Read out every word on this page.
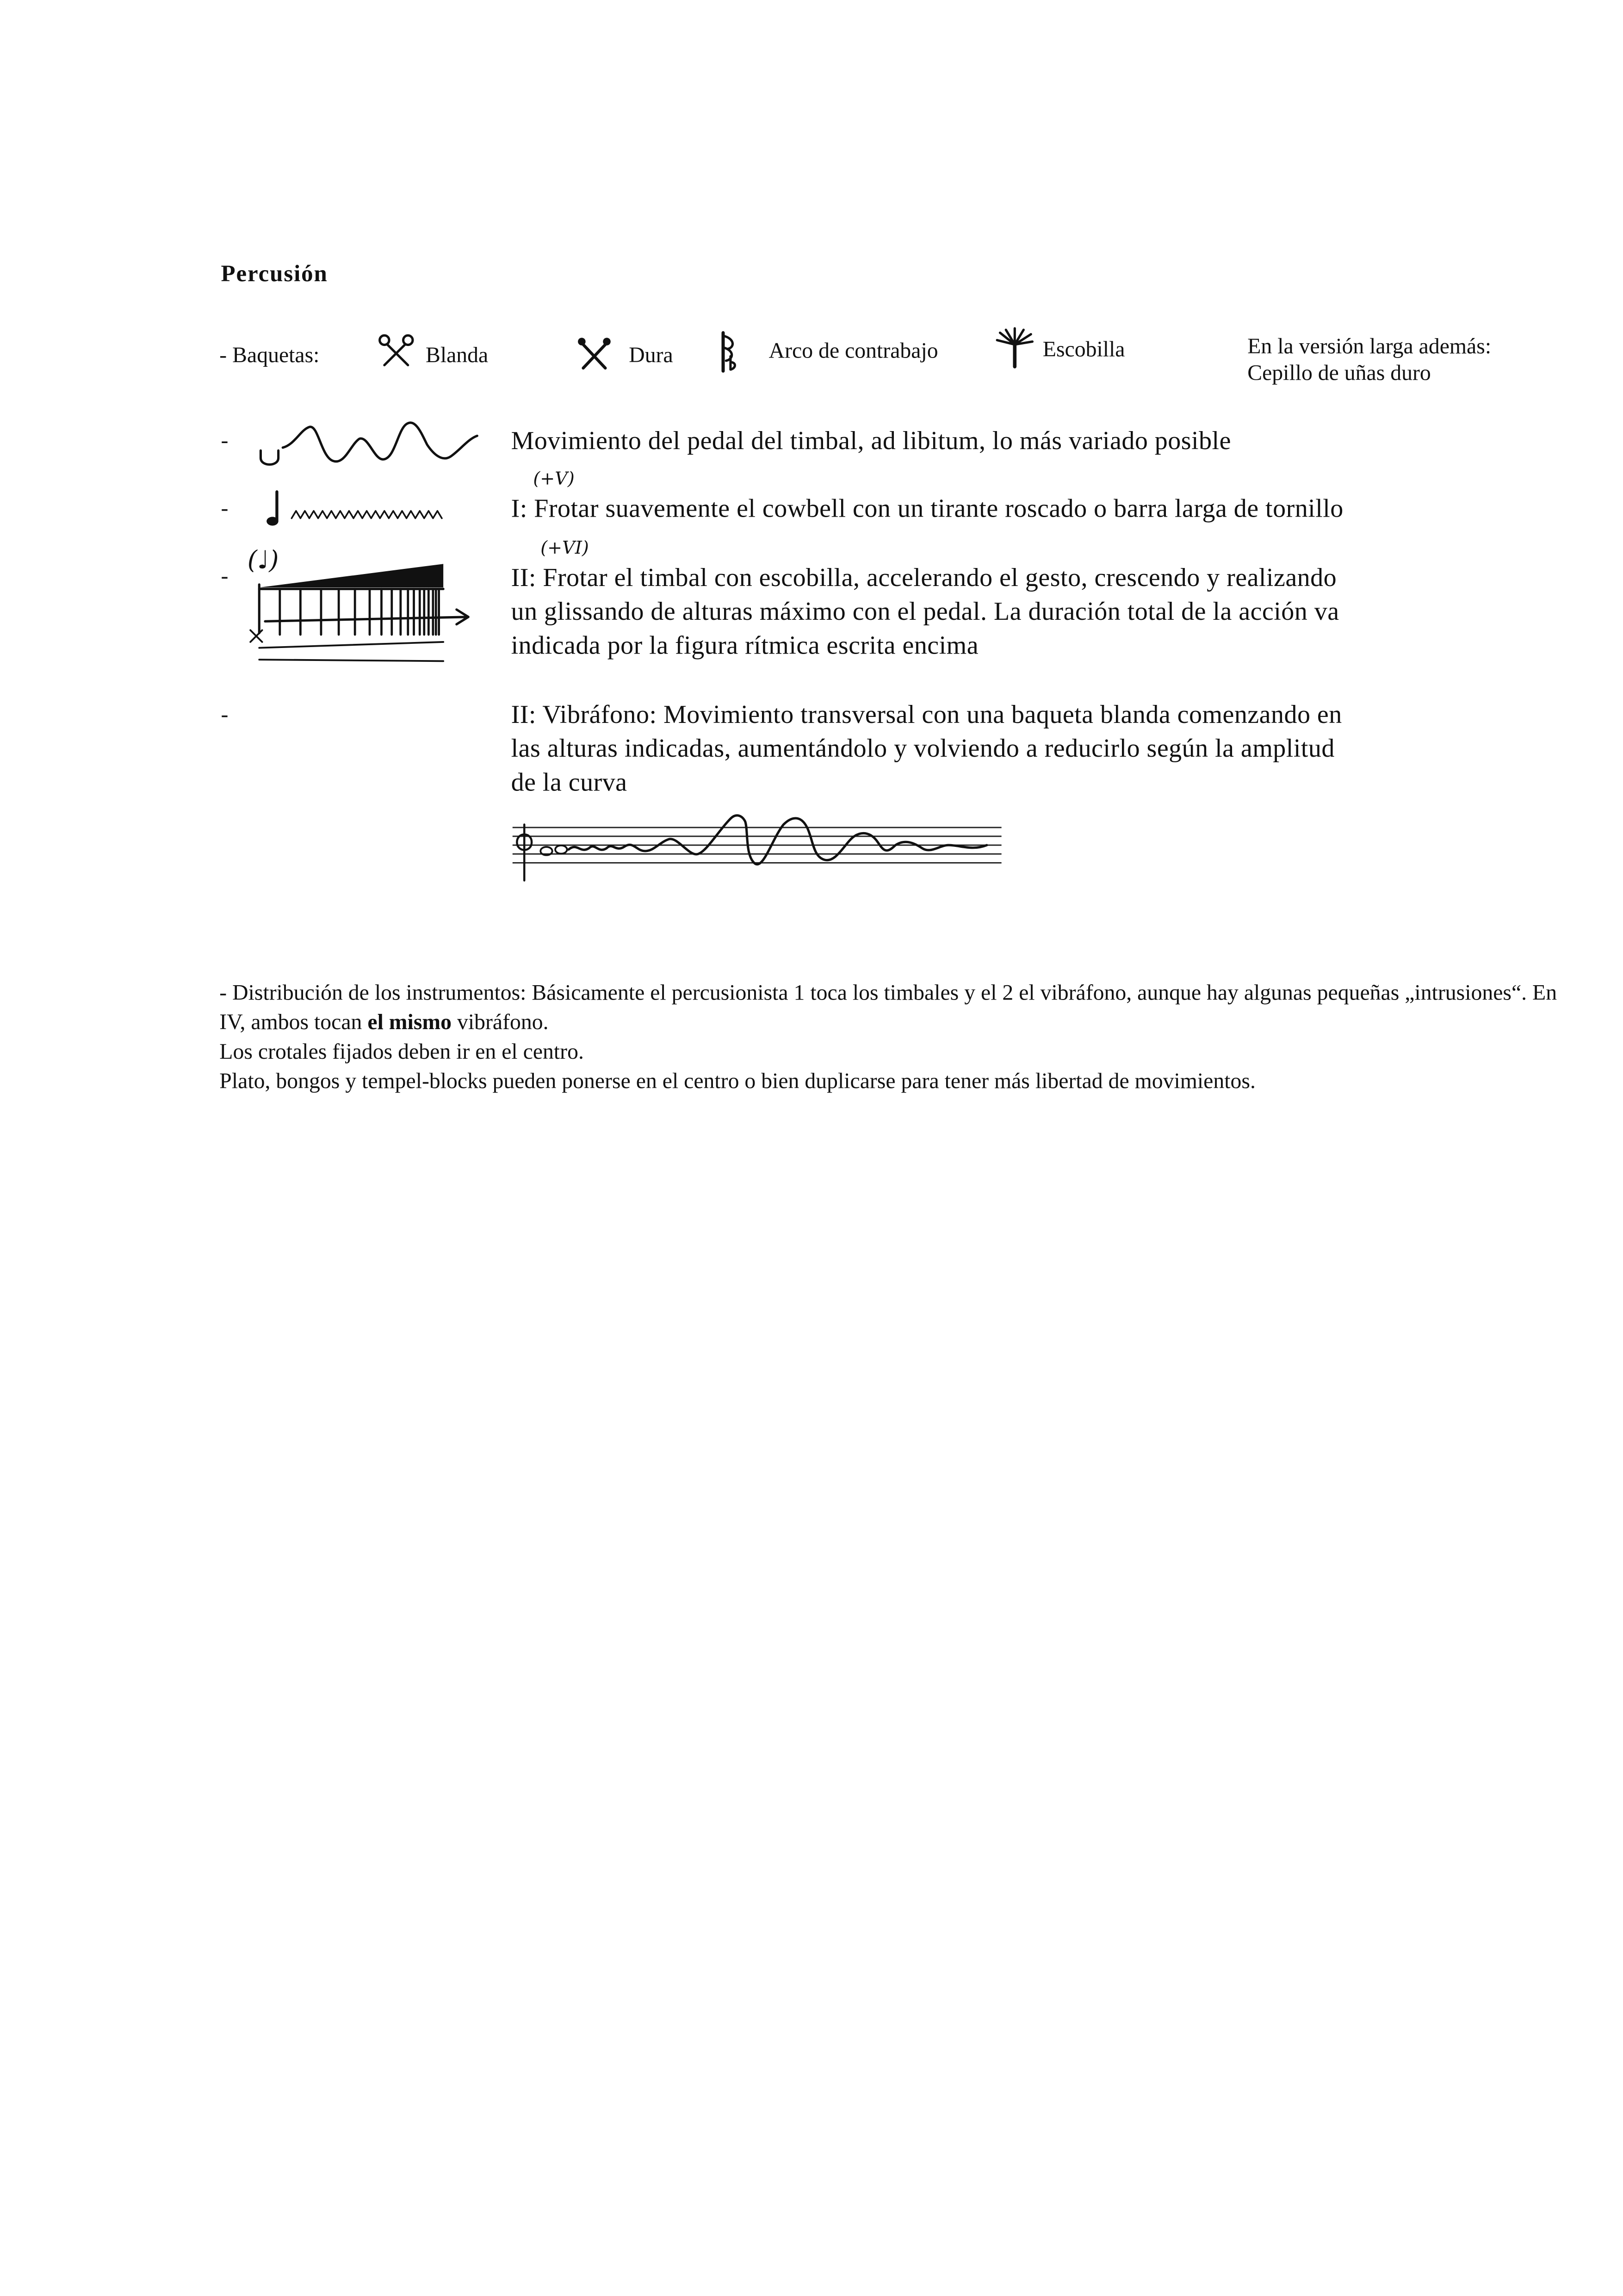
Percusión
- Baquetas:	Blanda	Dura	Arco de contrabajo	Escobilla	En la versión larga además:
Cepillo de uñas duro
-	Movimiento del pedal del timbal, ad libitum, lo más variado posible
(+V)
-	I: Frotar suavemente el cowbell con un tirante roscado o barra larga de tornillo
(+VI)
-
(♩)
II: Frotar el timbal con escobilla, accelerando el gesto, crescendo y realizando
un glissando de alturas máximo con el pedal. La duración total de la acción va
indicada por la figura rítmica escrita encima
-	II: Vibráfono: Movimiento transversal con una baqueta blanda comenzando en
las alturas indicadas, aumentándolo y volviendo a reducirlo según la amplitud
de la curva
- Distribución de los instrumentos: Básicamente el percusionista 1 toca los timbales y el 2 el vibráfono, aunque hay algunas pequeñas „intrusiones“. En IV, ambos tocan el mismo vibráfono.
Los crotales fijados deben ir en el centro.
Plato, bongos y tempel-blocks pueden ponerse en el centro o bien duplicarse para tener más libertad de movimientos.
